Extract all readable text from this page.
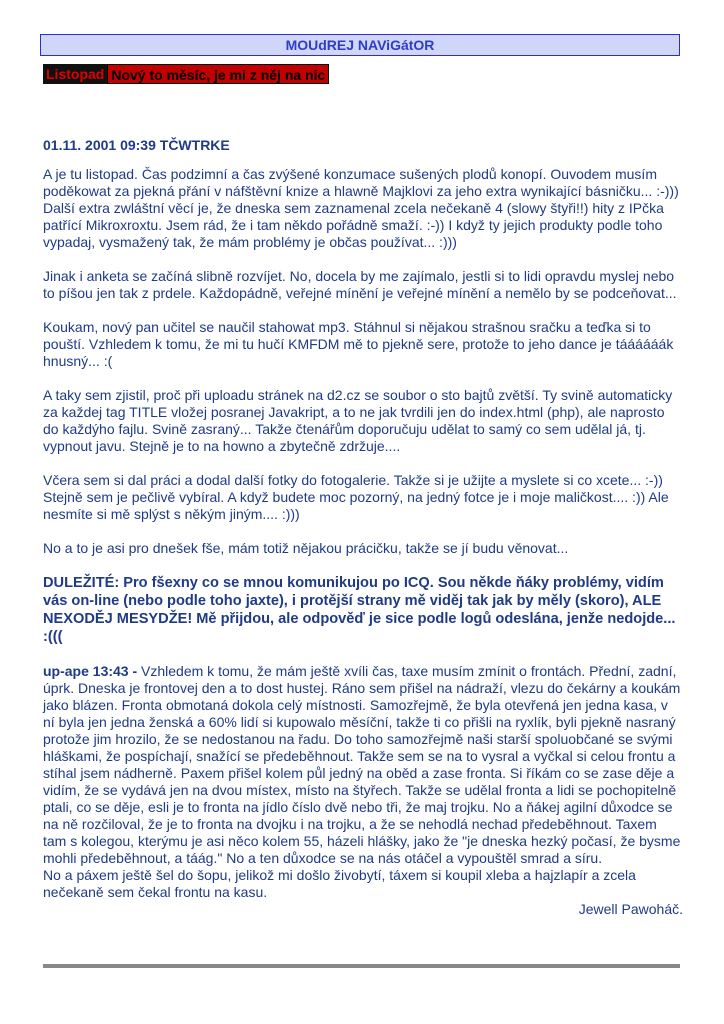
MOUdREJ NAViGátOR
Listopad Nový to měsíc, je mi z něj na nic

01.11. 2001 09:39 TČWTRKE

A je tu listopad. Čas podzimní a čas zvýšené konzumace sušených plodů konopí. Ouvodem musím poděkowat za pjekná přání v náfštěvní knize a hlawně Majklovi za jeho extra wynikající básničku... :-)))

Další extra zwláštní věcí je, že dneska sem zaznamenal zcela nečekaně 4 (slowy štyři!!) hity z IPčka patřící Mikroxroxtu. Jsem rád, že i tam někdo pořádně smaží. :-)) I když ty jejich produkty podle toho vypadaj, vysmažený tak, že mám problémy je občas používat... :)))

Jinak i anketa se začíná slibně rozvíjet. No, docela by me zajímalo, jestli si to lidi opravdu myslej nebo to píšou jen tak z prdele. Každopádně, veřejné mínění je veřejné mínění a nemělo by se podceňovat...

Koukam, nový pan učitel se naučil stahowat mp3. Stáhnul si nějakou strašnou sračku a teďka si to pouští. Vzhledem k tomu, že mi tu hučí KMFDM mě to pjekně sere, protože to jeho dance je táááááák hnusný... :(

A taky sem zjistil, proč při uploadu stránek na d2.cz se soubor o sto bajtů zvětší. Ty svině automaticky za každej tag TITLE vložej posranej Javakript, a to ne jak tvrdili jen do index.html (php), ale naprosto do každýho fajlu. Svině zasraný... Takže čtenářům doporučuju udělat to samý co sem udělal já, tj. vypnout javu. Stejně je to na howno a zbytečně zdržuje....

Včera sem si dal práci a dodal další fotky do fotogalerie. Takže si je užijte a myslete si co xcete... :-)) Stejně sem je pečlivě vybíral. A když budete moc pozorný, na jedný fotce je i moje maličkost.... :)) Ale nesmíte si mě splýst s někým jiným.... :)))

No a to je asi pro dnešek fše, mám totiž nějakou prácičku, takže se jí budu věnovat...

DULEŽITÉ: Pro fšexny co se mnou komunikujou po ICQ. Sou někde ňáky problémy, vidím vás on-line (nebo podle toho jaxte), i protější strany mě viděj tak jak by měly (skoro), ALE NEXODĚJ MESYDŽE! Mě přijdou, ale odpověď je sice podle logů odeslána, jenže nedojde... :(((

up-ape 13:43 - Vzhledem k tomu, že mám ještě xvíli čas, taxe musím zmínit o frontách. Přední, zadní, úprk. Dneska je frontovej den a to dost hustej. Ráno sem přišel na nádraží, vlezu do čekárny a koukám jako blázen. Fronta obmotaná dokola celý místnosti. Samozřejmě, že byla otevřená jen jedna kasa, v ní byla jen jedna ženská a 60% lidí si kupowalo měsíční, takže ti co přišli na ryxlík, byli pjekně nasraný protože jim hrozilo, že se nedostanou na řadu. Do toho samozřejmě naši starší spoluobčané se svými hláškami, že pospíchají, snažící se předeběhnout. Takže sem se na to vysral a vyčkal si celou frontu a stíhal jsem nádherně. Paxem přišel kolem půl jedný na oběd a zase fronta. Si říkám co se zase děje a vidím, že se vydává jen na dvou místex, místo na štyřech. Takže se udělal fronta a lidi se pochopitelně ptali, co se děje, esli je to fronta na jídlo číslo dvě nebo tři, že maj trojku. No a ňákej agilní důxodce se na ně rozčiloval, že je to fronta na dvojku i na trojku, a že se nehodlá nechad předeběhnout. Taxem tam s kolegou, kterýmu je asi něco kolem 55, házeli hlášky, jako že "je dneska hezký počasí, že bysme mohli předeběhnout, a táág." No a ten důxodce se na nás otáčel a vypouštěl smrad a síru.

No a páxem ještě šel do šopu, jelikož mi došlo živobytí, táxem si koupil xleba a hajzlapír a zcela nečekaně sem čekal frontu na kasu.

Jewell Pawoháč.
